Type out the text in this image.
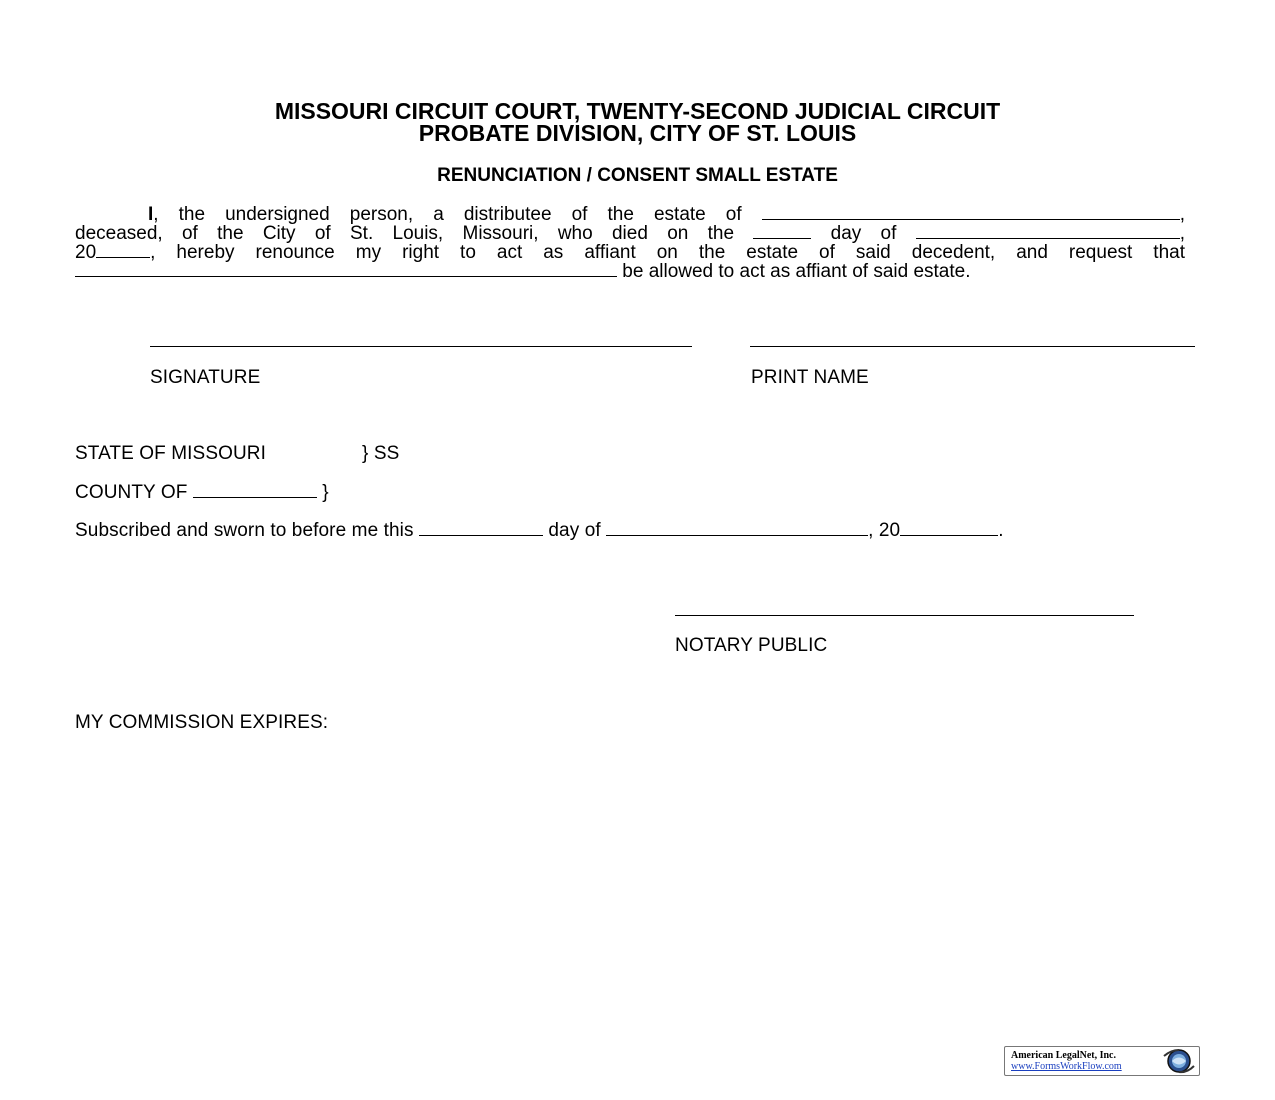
MISSOURI CIRCUIT COURT, TWENTY-SECOND JUDICIAL CIRCUIT
PROBATE DIVISION, CITY OF ST. LOUIS
RENUNCIATION / CONSENT SMALL ESTATE
I, the undersigned person, a distributee of the estate of	,
deceased, of the City of St. Louis, Missouri, who died on the	day of	,
20	, hereby renounce my right to act as affiant on the estate of said decedent, and request that
be allowed to act as affiant of said estate.
SIGNATURE	PRINT NAME
STATE OF MISSOURI	} SS
COUNTY OF	}
Subscribed and sworn to before me this	day of	, 20	.
NOTARY PUBLIC
MY COMMISSION EXPIRES:
American LegalNet, Inc.
www.FormsWorkFlow.com
